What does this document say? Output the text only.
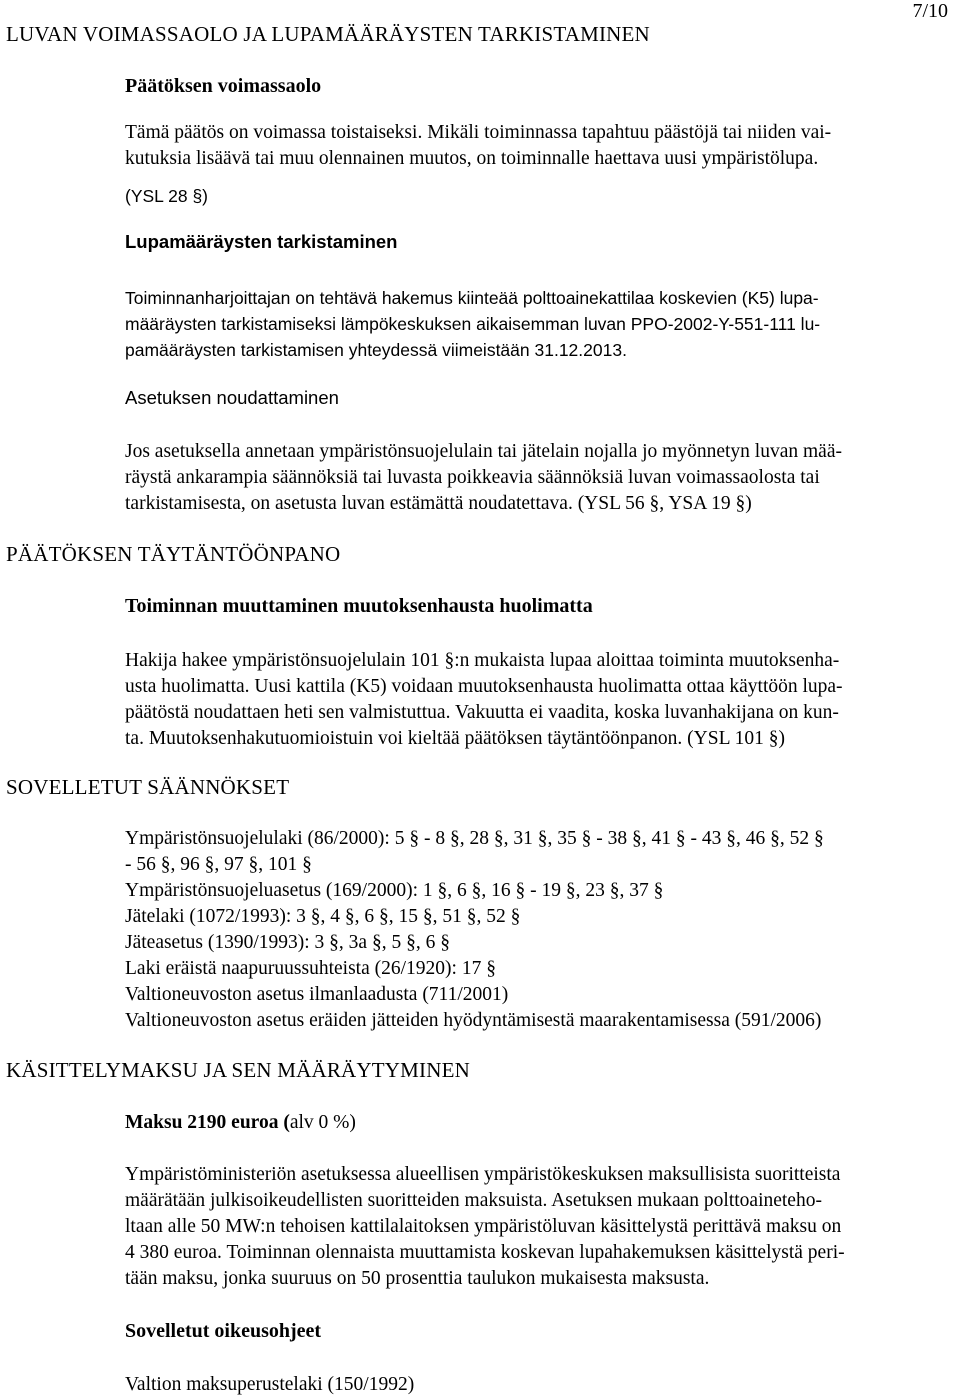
7/10
LUVAN VOIMASSAOLO JA LUPAMÄÄRÄYSTEN TARKISTAMINEN
Päätöksen voimassaolo
Tämä päätös on voimassa toistaiseksi. Mikäli toiminnassa tapahtuu päästöjä tai niiden vai-
kutuksia lisäävä tai muu olennainen muutos, on toiminnalle haettava uusi ympäristölupa.
(YSL 28 §)
Lupamääräysten tarkistaminen
Toiminnanharjoittajan on tehtävä hakemus kiinteää polttoainekattilaa koskevien (K5) lupa-
määräysten tarkistamiseksi lämpökeskuksen aikaisemman luvan PPO-2002-Y-551-111 lu-
pamääräysten tarkistamisen yhteydessä viimeistään 31.12.2013.
Asetuksen noudattaminen
Jos asetuksella annetaan ympäristönsuojelulain tai jätelain nojalla jo myönnetyn luvan mää-
räystä ankarampia säännöksiä tai luvasta poikkeavia säännöksiä luvan voimassaolosta tai
tarkistamisesta, on asetusta luvan estämättä noudatettava. (YSL 56 §, YSA 19 §)
PÄÄTÖKSEN TÄYTÄNTÖÖNPANO
Toiminnan muuttaminen muutoksenhausta huolimatta
Hakija hakee ympäristönsuojelulain 101 §:n mukaista lupaa aloittaa toiminta muutoksenha-
usta huolimatta. Uusi kattila (K5) voidaan muutoksenhausta huolimatta ottaa käyttöön lupa-
päätöstä noudattaen heti sen valmistuttua. Vakuutta ei vaadita, koska luvanhakijana on kun-
ta. Muutoksenhakutuomioistuin voi kieltää päätöksen täytäntöönpanon. (YSL 101 §)
SOVELLETUT SÄÄNNÖKSET
Ympäristönsuojelulaki (86/2000): 5 § - 8 §, 28 §, 31 §, 35 § - 38 §, 41 § - 43 §, 46 §, 52 §
- 56 §, 96 §, 97 §, 101 §
Ympäristönsuojeluasetus (169/2000): 1 §, 6 §, 16 § - 19 §, 23 §, 37 §
Jätelaki (1072/1993): 3 §, 4 §, 6 §, 15 §, 51 §, 52 §
Jäteasetus (1390/1993): 3 §, 3a §, 5 §, 6 §
Laki eräistä naapuruussuhteista (26/1920): 17 §
Valtioneuvoston asetus ilmanlaadusta (711/2001)
Valtioneuvoston asetus eräiden jätteiden hyödyntämisestä maarakentamisessa (591/2006)
KÄSITTELYMAKSU JA SEN MÄÄRÄYTYMINEN
Maksu 2190 euroa (alv 0 %)
Ympäristöministeriön asetuksessa alueellisen ympäristökeskuksen maksullisista suoritteista
määrätään julkisoikeudellisten suoritteiden maksuista. Asetuksen mukaan polttoaineteho-
ltaan alle 50 MW:n tehoisen kattilalaitoksen ympäristöluvan käsittelystä perittävä maksu on
4 380 euroa. Toiminnan olennaista muuttamista koskevan lupahakemuksen käsittelystä peri-
tään maksu, jonka suuruus on 50 prosenttia taulukon mukaisesta maksusta.
Sovelletut oikeusohjeet
Valtion maksuperustelaki (150/1992)
